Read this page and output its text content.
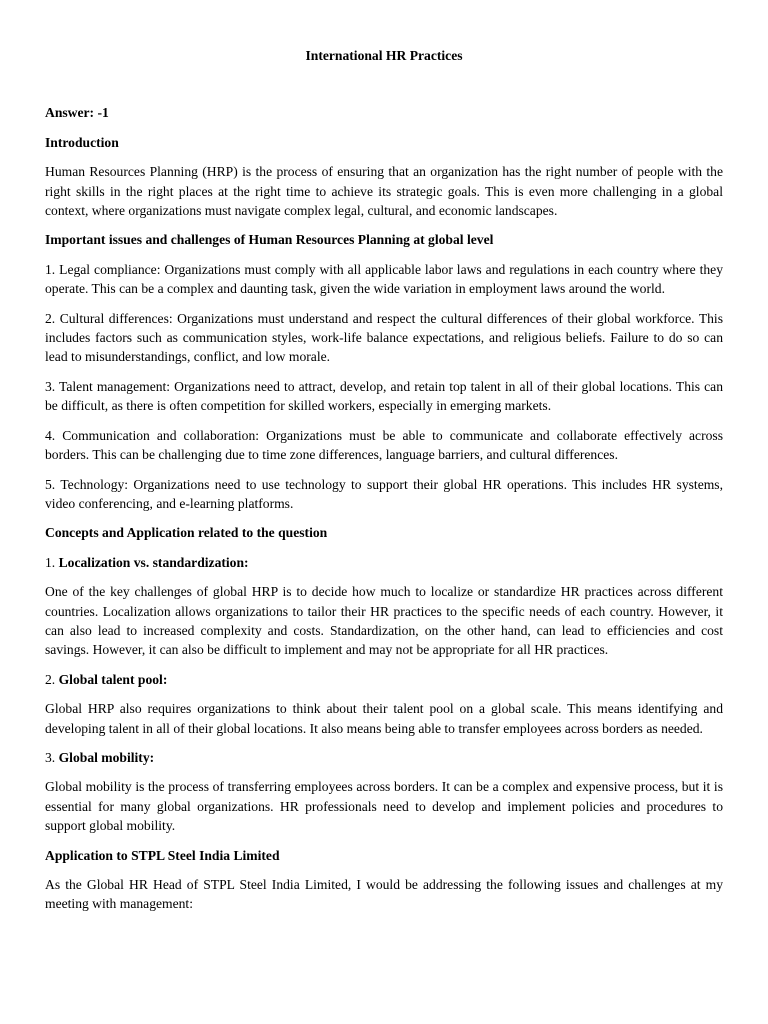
International HR Practices
Answer: -1
Introduction

Human Resources Planning (HRP) is the process of ensuring that an organization has the right number of people with the right skills in the right places at the right time to achieve its strategic goals. This is even more challenging in a global context, where organizations must navigate complex legal, cultural, and economic landscapes.

Important issues and challenges of Human Resources Planning at global level

1. Legal compliance: Organizations must comply with all applicable labor laws and regulations in each country where they operate. This can be a complex and daunting task, given the wide variation in employment laws around the world.

2. Cultural differences: Organizations must understand and respect the cultural differences of their global workforce. This includes factors such as communication styles, work-life balance expectations, and religious beliefs. Failure to do so can lead to misunderstandings, conflict, and low morale.

3. Talent management: Organizations need to attract, develop, and retain top talent in all of their global locations. This can be difficult, as there is often competition for skilled workers, especially in emerging markets.

4. Communication and collaboration: Organizations must be able to communicate and collaborate effectively across borders. This can be challenging due to time zone differences, language barriers, and cultural differences.

5. Technology: Organizations need to use technology to support their global HR operations. This includes HR systems, video conferencing, and e-learning platforms.

Concepts and Application related to the question
1. Localization vs. standardization:

One of the key challenges of global HRP is to decide how much to localize or standardize HR practices across different countries. Localization allows organizations to tailor their HR practices to the specific needs of each country. However, it can also lead to increased complexity and costs. Standardization, on the other hand, can lead to efficiencies and cost savings. However, it can also be difficult to implement and may not be appropriate for all HR practices.

2. Global talent pool:

Global HRP also requires organizations to think about their talent pool on a global scale. This means identifying and developing talent in all of their global locations. It also means being able to transfer employees across borders as needed.

3. Global mobility:

Global mobility is the process of transferring employees across borders. It can be a complex and expensive process, but it is essential for many global organizations. HR professionals need to develop and implement policies and procedures to support global mobility.

Application to STPL Steel India Limited

As the Global HR Head of STPL Steel India Limited, I would be addressing the following issues and challenges at my meeting with management:
